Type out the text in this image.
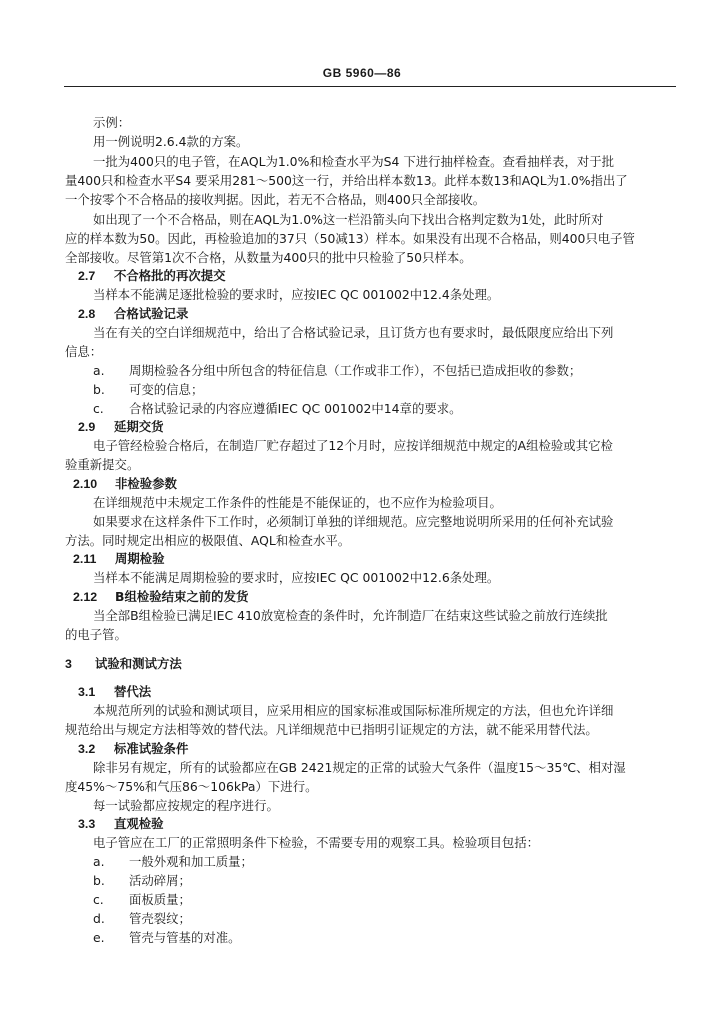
GB 5960—86
示例：
用一例说明2.6.4款的方案。
一批为400只的电子管，在AQL为1.0%和检查水平为S4 下进行抽样检查。查看抽样表，对于批
量400只和检查水平S4 要采用281～500这一行，并给出样本数13。此样本数13和AQL为1.0%指出了
一个按零个不合格品的接收判据。因此，若无不合格品，则400只全部接收。
如出现了一个不合格品，则在AQL为1.0%这一栏沿箭头向下找出合格判定数为1处，此时所对
应的样本数为50。因此，再检验追加的37只（50减13）样本。如果没有出现不合格品，则400只电子管
全部接收。尽管第1次不合格，从数量为400只的批中只检验了50只样本。
2.7 不合格批的再次提交
当样本不能满足逐批检验的要求时，应按IEC QC 001002中12.4条处理。
2.8 合格试验记录
当在有关的空白详细规范中，给出了合格试验记录，且订货方也有要求时，最低限度应给出下列
信息：
a. 周期检验各分组中所包含的特征信息（工作或非工作），不包括已造成拒收的参数；
b. 可变的信息；
c. 合格试验记录的内容应遵循IEC QC 001002中14章的要求。
2.9 延期交货
电子管经检验合格后，在制造厂贮存超过了12个月时，应按详细规范中规定的A组检验或其它检
验重新提交。
2.10 非检验参数
在详细规范中未规定工作条件的性能是不能保证的，也不应作为检验项目。
如果要求在这样条件下工作时，必须制订单独的详细规范。应完整地说明所采用的任何补充试验
方法。同时规定出相应的极限值、AQL和检查水平。
2.11 周期检验
当样本不能满足周期检验的要求时，应按IEC QC 001002中12.6条处理。
2.12 B组检验结束之前的发货
当全部B组检验已满足IEC 410放宽检查的条件时，允许制造厂在结束这些试验之前放行连续批
的电子管。
3 试验和测试方法
3.1 替代法
本规范所列的试验和测试项目，应采用相应的国家标准或国际标准所规定的方法，但也允许详细
规范给出与规定方法相等效的替代法。凡详细规范中已指明引证规定的方法，就不能采用替代法。
3.2 标准试验条件
除非另有规定，所有的试验都应在GB 2421规定的正常的试验大气条件（温度15～35℃、相对湿
度45%～75%和气压86～106kPa）下进行。
每一试验都应按规定的程序进行。
3.3 直观检验
电子管应在工厂的正常照明条件下检验，不需要专用的观察工具。检验项目包括：
a. 一般外观和加工质量；
b. 活动碎屑；
c. 面板质量；
d. 管壳裂纹；
e. 管壳与管基的对准。
